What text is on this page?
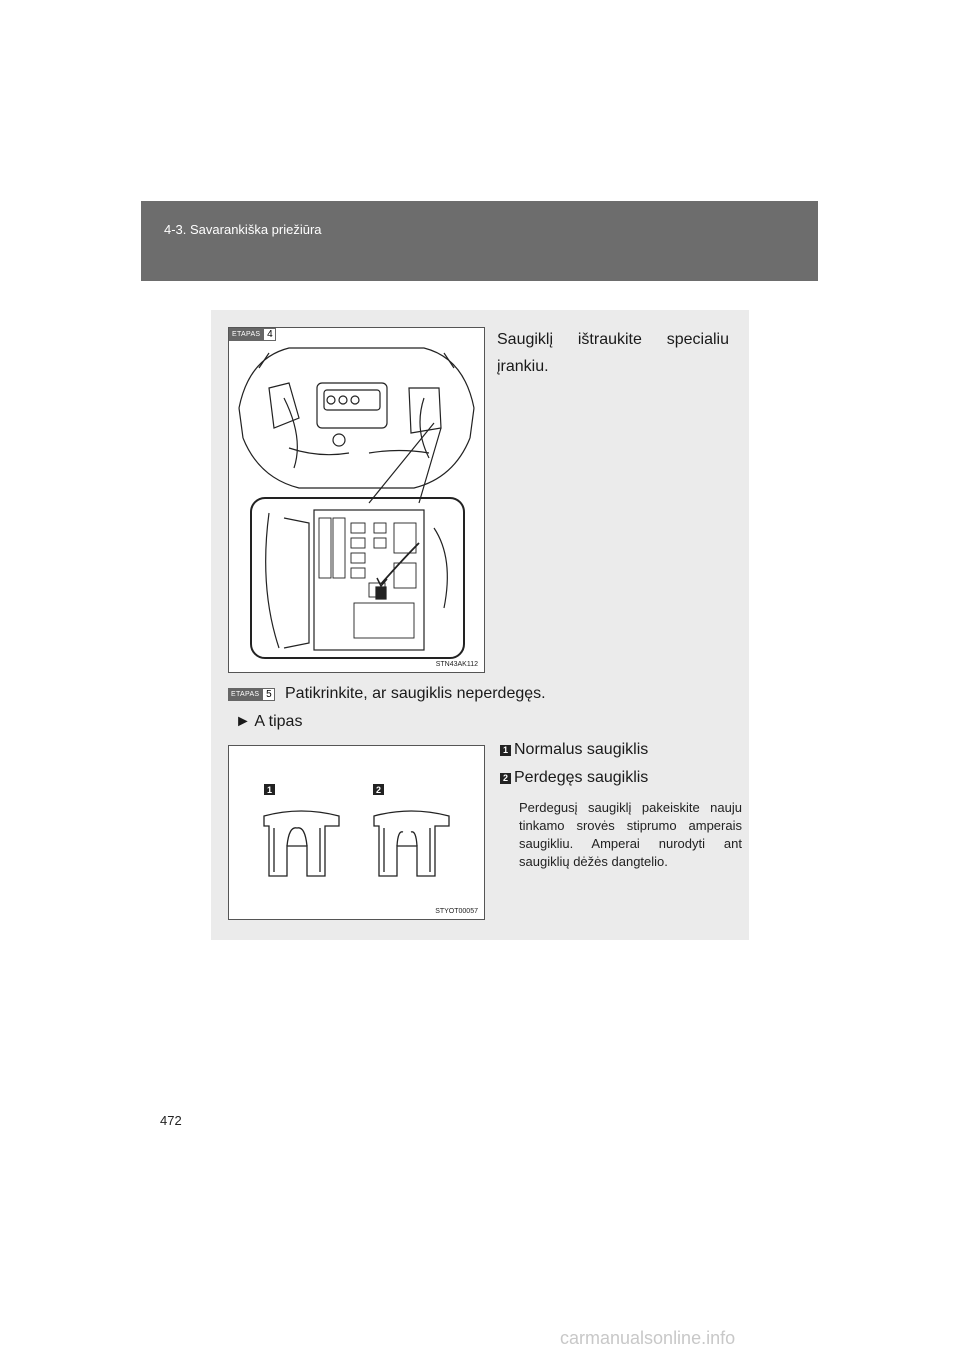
4-3. Savarankiška priežiūra
ETAPAS 4
STN43AK112
Saugiklį ištraukite specialiu įrankiu.
ETAPAS 5 Patikrinkite, ar saugiklis neperdegęs.
► A tipas
1	2
STYOT00057
1 Normalus saugiklis
2 Perdegęs saugiklis
Perdegusį saugiklį pakeiskite nauju tinkamo srovės stiprumo amperais saugikliu. Amperai nurodyti ant saugiklių dėžės dangtelio.
472
carmanualsonline.info
